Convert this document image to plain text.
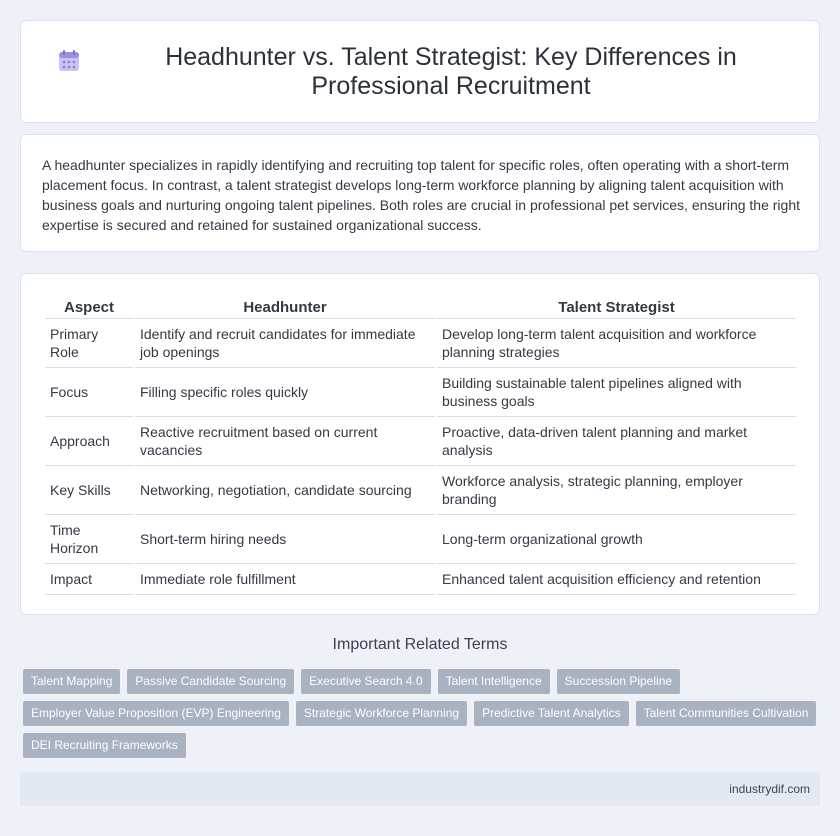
Headhunter vs. Talent Strategist: Key Differences in Professional Recruitment

A headhunter specializes in rapidly identifying and recruiting top talent for specific roles, often operating with a short-term placement focus. In contrast, a talent strategist develops long-term workforce planning by aligning talent acquisition with business goals and nurturing ongoing talent pipelines. Both roles are crucial in professional pet services, ensuring the right expertise is secured and retained for sustained organizational success.

Aspect	Headhunter	Talent Strategist
Primary Role	Identify and recruit candidates for immediate job openings	Develop long-term talent acquisition and workforce planning strategies
Focus	Filling specific roles quickly	Building sustainable talent pipelines aligned with business goals
Approach	Reactive recruitment based on current vacancies	Proactive, data-driven talent planning and market analysis
Key Skills	Networking, negotiation, candidate sourcing	Workforce analysis, strategic planning, employer branding
Time Horizon	Short-term hiring needs	Long-term organizational growth
Impact	Immediate role fulfillment	Enhanced talent acquisition efficiency and retention
Important Related Terms
Talent Mapping	Passive Candidate Sourcing	Executive Search 4.0	Talent Intelligence	Succession Pipeline
Employer Value Proposition (EVP) Engineering	Strategic Workforce Planning	Predictive Talent Analytics	Talent Communities Cultivation
DEI Recruiting Frameworks
industrydif.com
